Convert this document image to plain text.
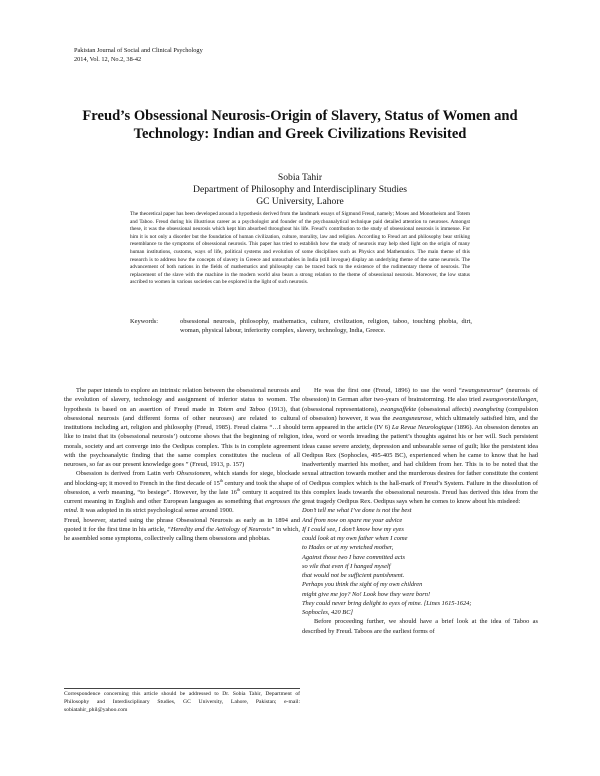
Pakistan Journal of Social and Clinical Psychology
2014, Vol. 12, No.2, 38-42
Freud’s Obsessional Neurosis-Origin of Slavery, Status of Women and Technology: Indian and Greek Civilizations Revisited
Sobia Tahir
Department of Philosophy and Interdisciplinary Studies
GC University, Lahore
The theoretical paper has been developed around a hypothesis derived from the landmark essays of Sigmund Freud, namely; Moses and Monotheism and Totem and Taboo. Freud during his illustrious career as a psychologist and founder of the psychoanalytical technique paid detailed attention to neuroses. Amongst these, it was the obsessional neurosis which kept him absorbed throughout his life. Freud’s contribution to the study of obsessional neurosis is immense. For him it is not only a disorder but the foundation of human civilization, culture, morality, law and religion. According to Freud art and philosophy bear striking resemblance to the symptoms of obsessional neurosis. This paper has tried to establish how the study of neurosis may help shed light on the origin of many human institutions, customs, ways of life, political systems and evolution of some disciplines such as Physics and Mathematics. The main theme of this research is to address how the concepts of slavery in Greece and untouchables in India (still invogue) display an underlying theme of the same neurosis. The advancement of both nations in the fields of mathematics and philosophy can be traced back to the existence of the rudimentary theme of neurosis. The replacement of the slave with the machine in the modern world also bears a strong relation to the theme of obsessional neurosis. Moreover, the low status ascribed to women in various societies can be explored in the light of such neurosis.
Keywords:	obsessional neurosis, philosophy, mathematics, culture, civilization, religion, taboo, touching phobia, dirt, woman, physical labour, inferiority complex, slavery, technology, India, Greece.

The paper intends to explore an intrinsic relation between the obsessional neurosis and the evolution of slavery, technology and assignment of inferior status to women. The hypothesis is based on an assertion of Freud made in Totem and Taboo (1913), that obsessional neurosis (and different forms of other neuroses) are related to cultural institutions including art, religion and philosophy (Freud, 1985). Freud claims “…I should like to insist that its (obsessional neurosis’) outcome shows that the beginning of religion, morals, society and art converge into the Oedipus complex. This is in complete agreement with the psychoanalytic finding that the same complex constitutes the nucleus of all neuroses, so far as our present knowledge goes ” (Freud, 1913, p. 157)

Obsession is derived from Latin verb Obsessionem, which stands for siege, blockade and blocking-up; it moved to French in the first decade of 15th century and took the shape of obsession, a verb meaning, “to besiege”. However, by the late 16th century it acquired its current meaning in English and other European languages as something that engrosses the mind. It was adopted in its strict psychological sense around 1900.

Freud, however, started using the phrase Obsessional Neurosis as early as in 1894 and quoted it for the first time in his article, “Heredity and the Aetiology of Neurosis” in which, he assembled some symptoms, collectively calling them obsessions and phobias.

He was the first one (Freud, 1896) to use the word “zwangsneurose” (neurosis of obsession) in German after two-years of brainstorming. He also tried zwangsvorstellungen, (obsessional representations), zwangsaffekte (obsessional affects) zwangheing (compulsion of obsession) however, it was the zwangsneurose, which ultimately satisfied him, and the term appeared in the article (IV 6) La Revue Neurologique (1896). An obsession denotes an idea, word or words invading the patient’s thoughts against his or her will. Such persistent ideas cause severe anxiety, depression and unbearable sense of guilt; like the persistent idea Oedipus Rex (Sophocles, 495-405 BC), experienced when he came to know that he had inadvertently married his mother, and had children from her. This is to be noted that the sexual attraction towards mother and the murderous desires for father constitute the content of Oedipus complex which is the hall-mark of Freud’s System. Failure in the dissolution of this complex leads towards the obsessional neurosis. Freud has derived this idea from the great tragedy Oedipus Rex. Oedipus says when he comes to know about his misdeed:

Don’t tell me what I’ve done is not the best
And from now on spare me your advice
If I could see, I don’t know how my eyes
could look at my own father when I come
to Hades or at my wretched mother,
Against those two I have committed acts
so vile that even if I hanged myself
that would not be sufficient punishment.
Perhaps you think the sight of my own children
might give me joy? No! Look how they were born!
They could never bring delight to eyes of mine. [Lines 1615-1624;
Sophocles, 420 BC]

Before proceeding further, we should have a brief look at the idea of Taboo as described by Freud. Taboos are the earliest forms of

Correspondence concerning this article should be addressed to Dr. Sobia Tahir, Department of Philosophy and Interdisciplinary Studies, GC University, Lahore, Pakistan; e-mail: sobiatahir_phil@yahoo.com
